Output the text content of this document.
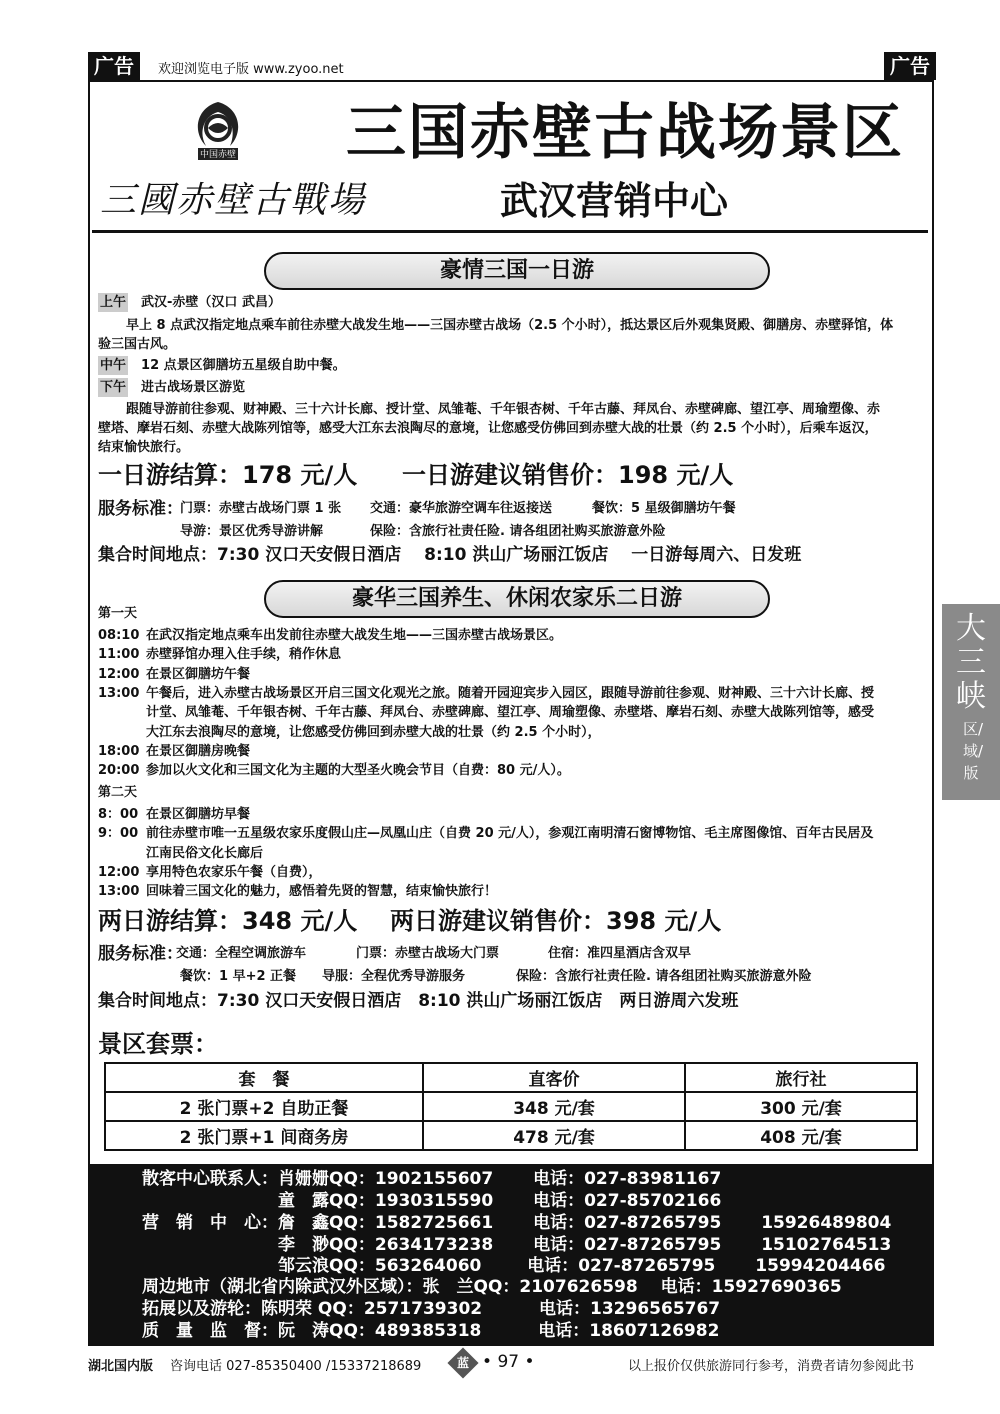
广告	欢迎浏览电子版 www.zyoo.net	广告
中国赤壁
三國赤壁古戰場
三国赤壁古战场景区
武汉营销中心
豪情三国一日游
上午　 武汉-赤壁（汉口 武昌）
早上 8 点武汉指定地点乘车前往赤壁大战发生地——三国赤壁古战场（2.5 个小时），抵达景区后外观集贤殿、御膳房、赤壁驿馆，体
验三国古风。
中午　 12 点景区御膳坊五星级自助中餐。
下午　 进古战场景区游览
跟随导游前往参观、财神殿、三十六计长廊、授计堂、凤雏菴、千年银杏树、千年古藤、拜凤台、赤壁碑廊、望江亭、周瑜塑像、赤
壁塔、摩岩石刻、赤壁大战陈列馆等，感受大江东去浪陶尽的意境，让您感受仿佛回到赤壁大战的壮景（约 2.5 个小时），后乘车返汉，
结束愉快旅行。
一日游结算：178 元/人 一日游建议销售价：198 元/人
服务标准：
门票：赤壁古战场门票 1 张 交通：豪华旅游空调车往返接送	餐饮：5 星级御膳坊午餐
导游：景区优秀导游讲解	保险：含旅行社责任险. 请各组团社购买旅游意外险
集合时间地点：7:30 汉口天安假日酒店　 8:10 洪山广场丽江饭店　 一日游每周六、日发班
豪华三国养生、休闲农家乐二日游
第一天
08:10 在武汉指定地点乘车出发前往赤壁大战发生地——三国赤壁古战场景区。
11:00 赤壁驿馆办理入住手续，稍作休息
12:00 在景区御膳坊午餐
13:00 午餐后，进入赤壁古战场景区开启三国文化观光之旅。随着开园迎宾步入园区，跟随导游前往参观、财神殿、三十六计长廊、授
计堂、凤雏菴、千年银杏树、千年古藤、拜凤台、赤壁碑廊、望江亭、周瑜塑像、赤壁塔、摩岩石刻、赤壁大战陈列馆等，感受
大江东去浪陶尽的意境，让您感受仿佛回到赤壁大战的壮景（约 2.5 个小时），
18:00 在景区御膳房晚餐
20:00 参加以火文化和三国文化为主题的大型圣火晚会节目（自费：80 元/人）。
第二天
8：00 在景区御膳坊早餐
9：00 前往赤壁市唯一五星级农家乐度假山庄—凤凰山庄（自费 20 元/人），参观江南明清石窗博物馆、毛主席图像馆、百年古民居及
江南民俗文化长廊后
12:00 享用特色农家乐午餐（自费），
13:00 回味着三国文化的魅力，感悟着先贤的智慧，结束愉快旅行！
两日游结算：348 元/人 两日游建议销售价：398 元/人
服务标准：
交通：全程空调旅游车	门票：赤壁古战场大门票	住宿：准四星酒店含双早
餐饮：1 早+2 正餐 导服：全程优秀导游服务	保险：含旅行社责任险. 请各组团社购买旅游意外险
集合时间地点：7:30 汉口天安假日酒店　8:10 洪山广场丽江饭店　两日游周六发班
景区套票：
套　餐	直客价	旅行社
2 张门票+2 自助正餐	348 元/套	300 元/套
2 张门票+1 间商务房	478 元/套	408 元/套
散客中心联系人：肖姗姗QQ：1902155607　　 电话：027-83981167
　　　　　　　　童　露QQ：1930315590　　 电话：027-85702166
营　销　中　心：詹　鑫QQ：1582725661　　 电话：027-87265795　　 15926489804
　　　　　　　　李　渺QQ：2634173238　　 电话：027-87265795　　 15102764513
　　　　　　　　邹云浪QQ：563264060 　　 电话：027-87265795　　 15994204466
周边地市（湖北省内除武汉外区域）：张　兰QQ：2107626598　 电话：15927690365
拓展以及游轮：陈明荣 QQ：2571739302　　　 电话：13296565767
质　量　监　督：阮　涛QQ：489385318　　　 电话：18607126982
大三峡
区/域/版
湖北国内版 咨询电话 027-85350400 /15337218689	蓝 • 97 •	以上报价仅供旅游同行参考，消费者请勿参阅此书
